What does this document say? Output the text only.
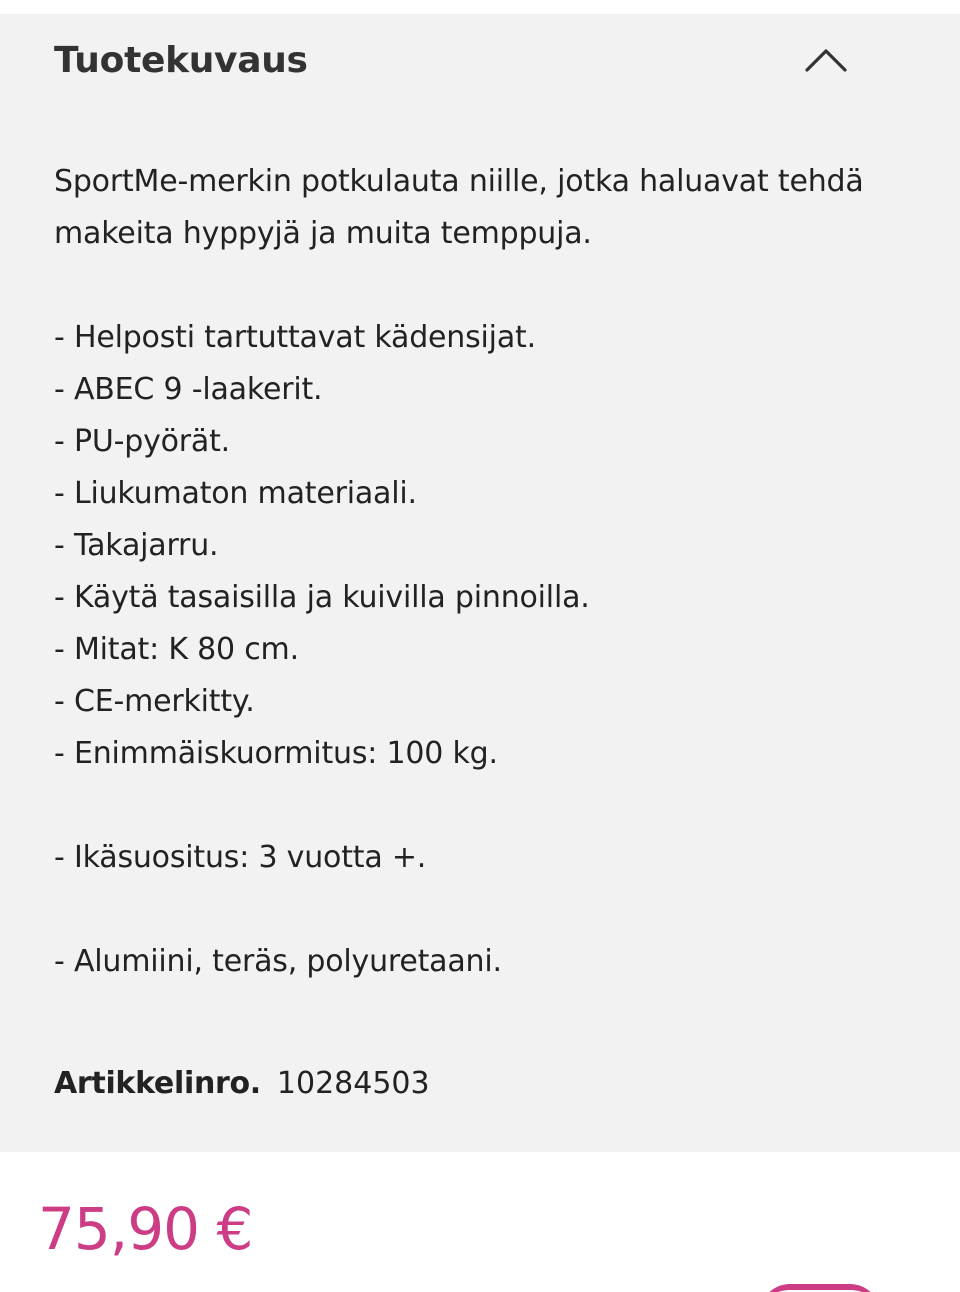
Tuotekuvaus
SportMe-merkin potkulauta niille, jotka haluavat tehdä
makeita hyppyjä ja muita temppuja.
- Helposti tartuttavat kädensijat.
- ABEC 9 -laakerit.
- PU-pyörät.
- Liukumaton materiaali.
- Takajarru.
- Käytä tasaisilla ja kuivilla pinnoilla.
- Mitat: K 80 cm.
- CE-merkitty.
- Enimmäiskuormitus: 100 kg.
- Ikäsuositus: 3 vuotta +.
- Alumiini, teräs, polyuretaani.
Artikkelinro. 10284503
75,90 €
